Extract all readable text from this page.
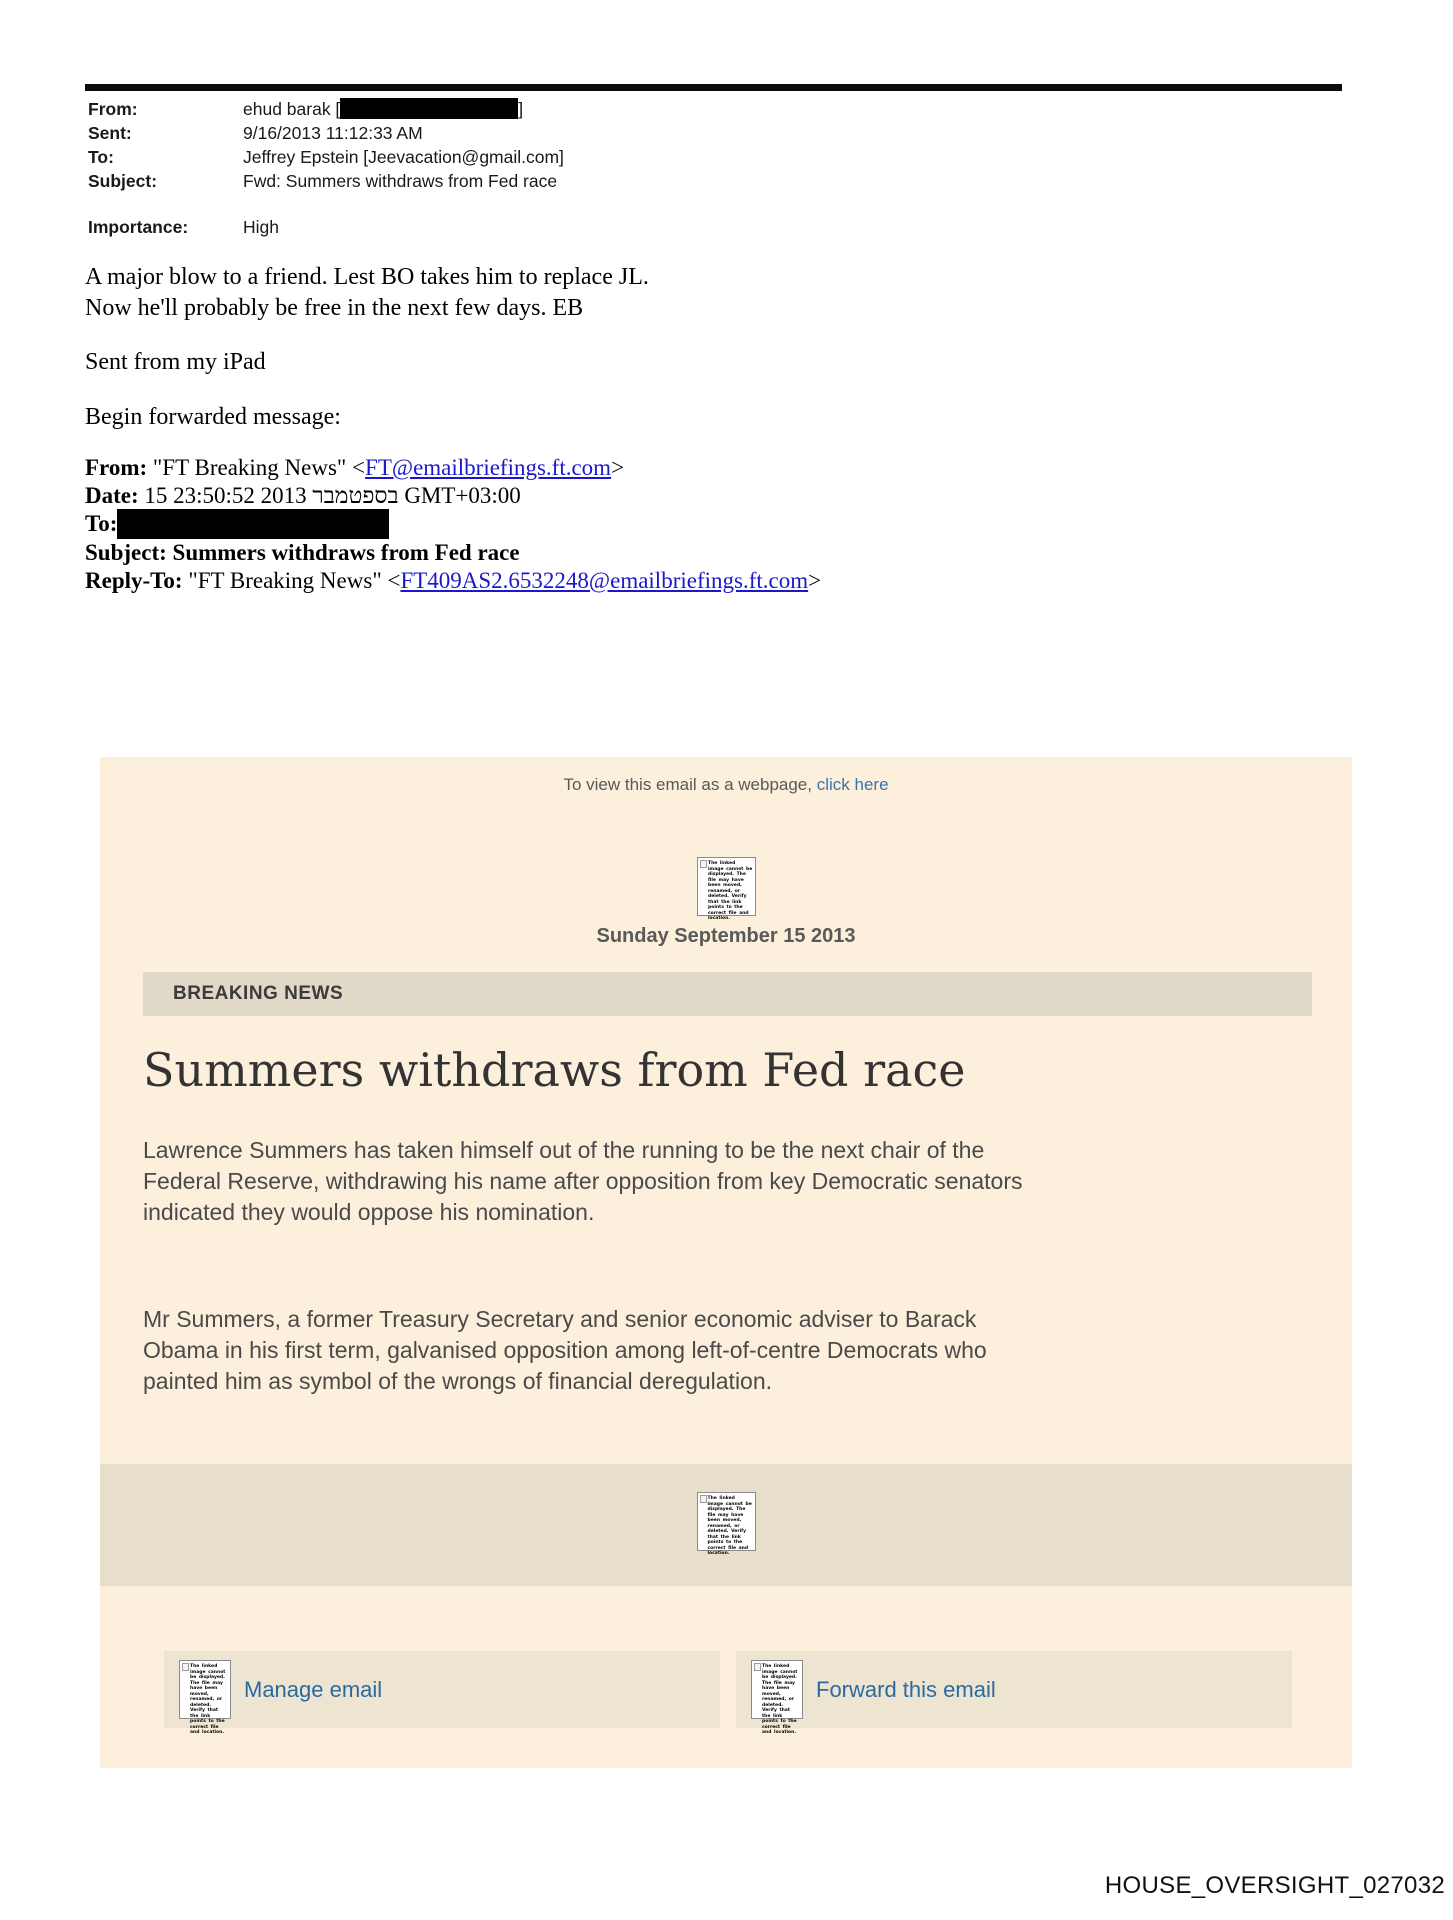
From:	ehud barak [	]
Sent:	9/16/2013 11:12:33 AM
To:	Jeffrey Epstein [Jeevacation@gmail.com]
Subject:	Fwd: Summers withdraws from Fed race
Importance:	High
A major blow to a friend. Lest BO takes him to replace JL.
Now he'll probably be free in the next few days. EB
Sent from my iPad
Begin forwarded message:
From: "FT Breaking News" <FT@emailbriefings.ft.com>
Date: 15 23:50:52 2013 בספטמבר GMT+03:00
To:
Subject: Summers withdraws from Fed race
Reply-To: "FT Breaking News" <FT409AS2.6532248@emailbriefings.ft.com>
To view this email as a webpage, click here
The linked image cannot be displayed. The file may have been moved, renamed, or deleted. Verify that the link points to the correct file and location.
Sunday September 15 2013
BREAKING NEWS
Summers withdraws from Fed race
Lawrence Summers has taken himself out of the running to be the next chair of the Federal Reserve, withdrawing his name after opposition from key Democratic senators indicated they would oppose his nomination.
Mr Summers, a former Treasury Secretary and senior economic adviser to Barack Obama in his first term, galvanised opposition among left-of-centre Democrats who painted him as symbol of the wrongs of financial deregulation.
The linked image cannot be displayed. The file may have been moved, renamed, or deleted. Verify that the link points to the correct file and location.
The linked image cannot be displayed. The file may have been moved, renamed, or deleted. Verify that the link points to the correct file and location.
Manage email
The linked image cannot be displayed. The file may have been moved, renamed, or deleted. Verify that the link points to the correct file and location.
Forward this email
HOUSE_OVERSIGHT_027032
